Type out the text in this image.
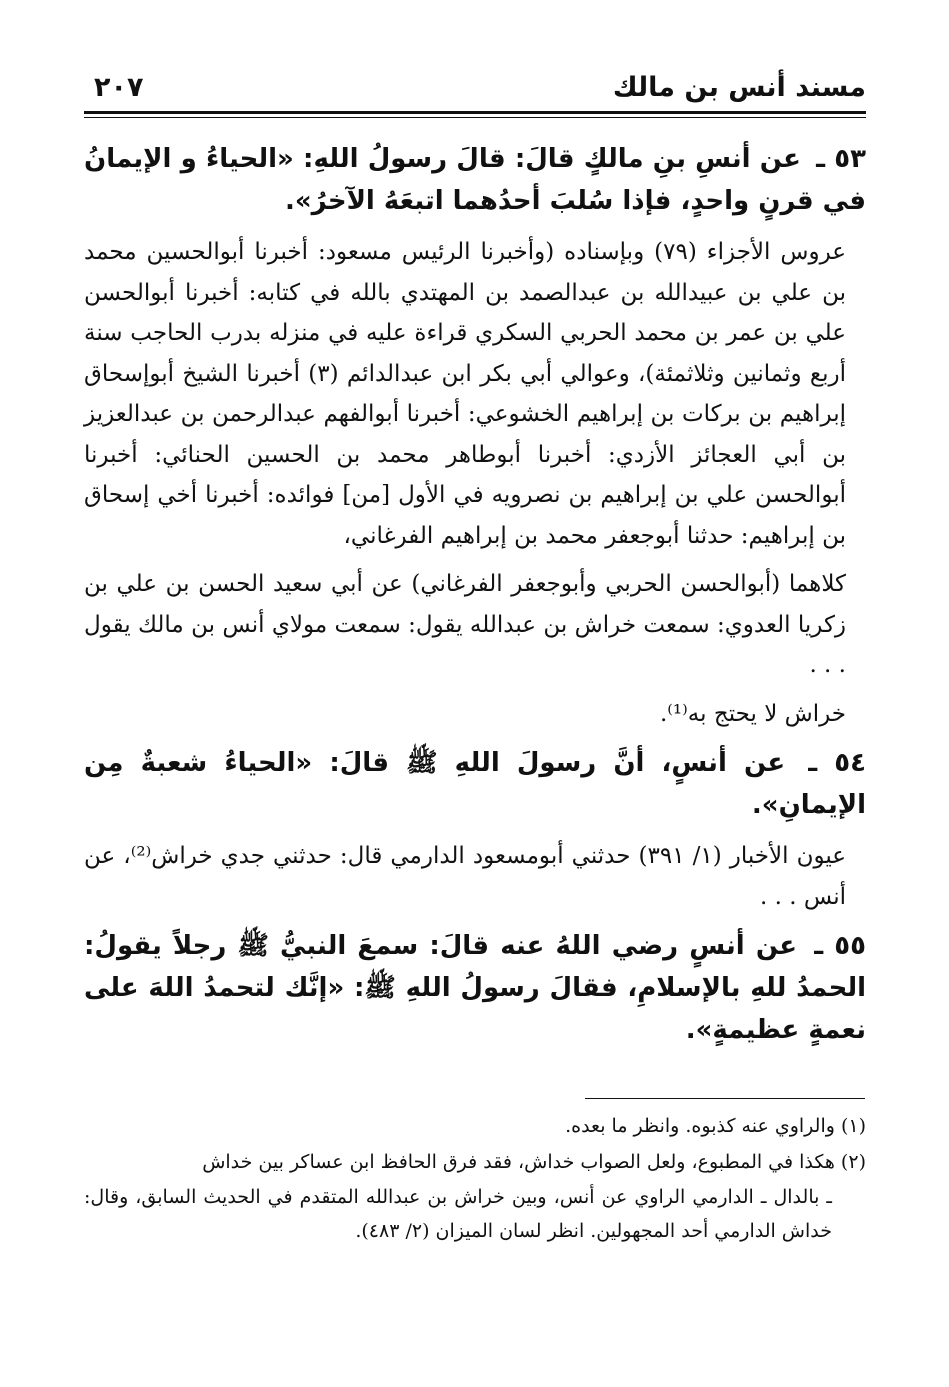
مسند أنس بن مالك
٢٠٧

٥٣ ـ عن أنسِ بنِ مالكٍ قالَ: قالَ رسولُ اللهِ: «الحياءُ و الإيمانُ في قرنٍ واحدٍ، فإذا سُلبَ أحدُهما اتبعَهُ الآخرُ».

عروس الأجزاء (٧٩) وبإسناده (وأخبرنا الرئيس مسعود: أخبرنا أبوالحسين محمد بن علي بن عبيدالله بن عبدالصمد بن المهتدي بالله في كتابه: أخبرنا أبوالحسن علي بن عمر بن محمد الحربي السكري قراءة عليه في منزله بدرب الحاجب سنة أربع وثمانين وثلاثمئة)، وعوالي أبي بكر ابن عبدالدائم (٣) أخبرنا الشيخ أبوإسحاق إبراهيم بن بركات بن إبراهيم الخشوعي: أخبرنا أبوالفهم عبدالرحمن بن عبدالعزيز بن أبي العجائز الأزدي: أخبرنا أبوطاهر محمد بن الحسين الحنائي: أخبرنا أبوالحسن علي بن إبراهيم بن نصرويه في الأول [من] فوائده: أخبرنا أخي إسحاق بن إبراهيم: حدثنا أبوجعفر محمد بن إبراهيم الفرغاني،

كلاهما (أبوالحسن الحربي وأبوجعفر الفرغاني) عن أبي سعيد الحسن بن علي بن زكريا العدوي: سمعت خراش بن عبدالله يقول: سمعت مولاي أنس بن مالك يقول . . .

خراش لا يحتج به⁽¹⁾.

٥٤ ـ عن أنسٍ، أنَّ رسولَ اللهِ ﷺ قالَ: «الحياءُ شعبةٌ مِن الإيمانِ».

عيون الأخبار (١/ ٣٩١) حدثني أبومسعود الدارمي قال: حدثني جدي خراش⁽²⁾، عن أنس . . .

٥٥ ـ عن أنسٍ رضي اللهُ عنه قالَ: سمعَ النبيُّ ﷺ رجلاً يقولُ: الحمدُ للهِ بالإسلامِ، فقالَ رسولُ اللهِ ﷺ: «إنَّك لتحمدُ اللهَ على نعمةٍ عظيمةٍ».

(١) والراوي عنه كذبوه. وانظر ما بعده.

(٢) هكذا في المطبوع، ولعل الصواب خداش، فقد فرق الحافظ ابن عساكر بين خداش

ـ بالدال ـ الدارمي الراوي عن أنس، وبين خراش بن عبدالله المتقدم في الحديث السابق، وقال: خداش الدارمي أحد المجهولين. انظر لسان الميزان (٢/ ٤٨٣).
